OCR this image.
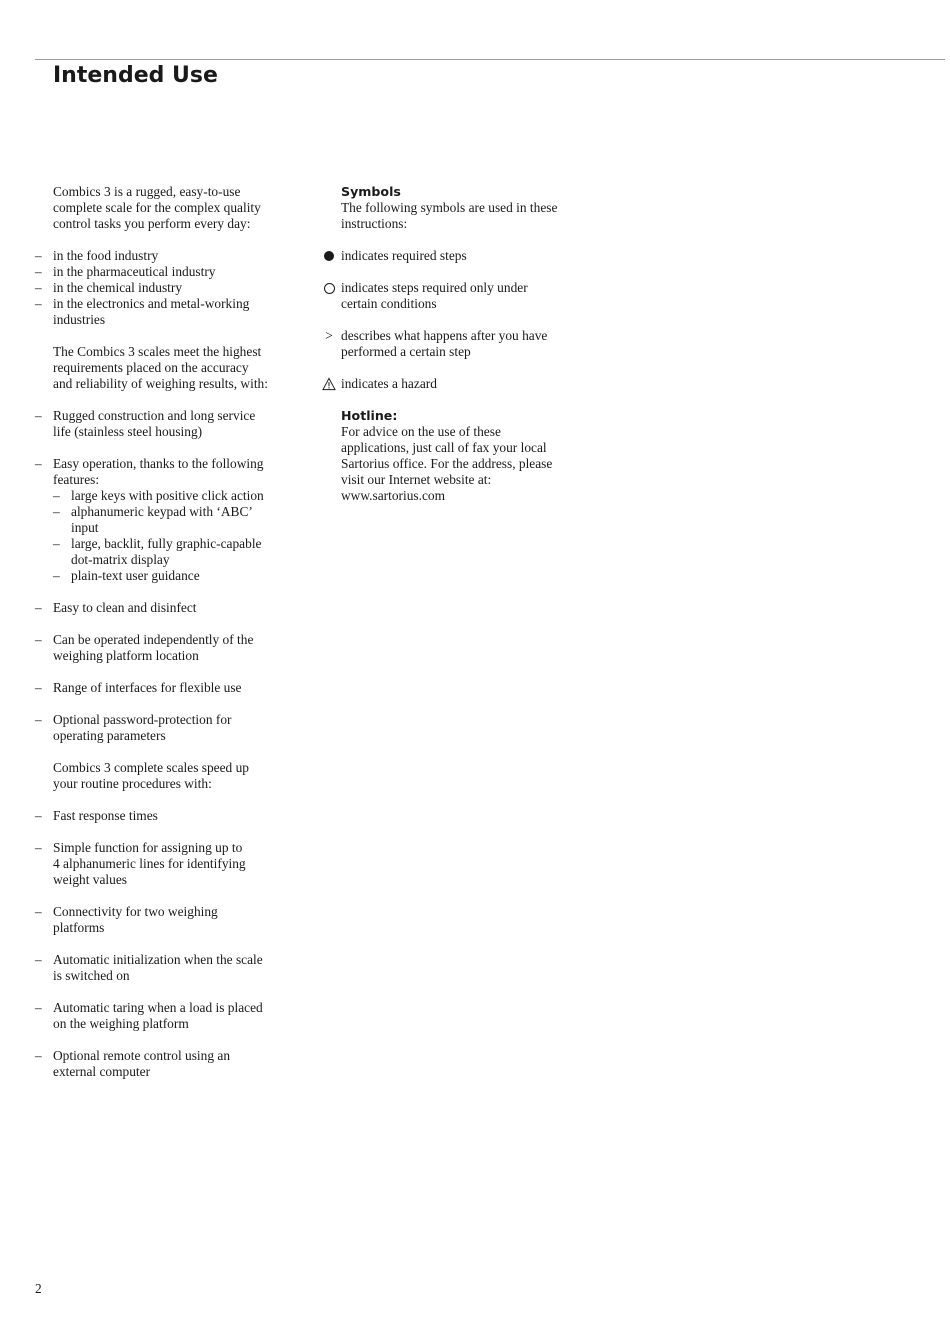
Intended Use

Combics 3 is a rugged, easy-to-use
complete scale for the complex quality
control tasks you perform every day:

– in the food industry

– in the pharmaceutical industry

– in the chemical industry

– in the electronics and metal-working
industries

The Combics 3 scales meet the highest
requirements placed on the accuracy
and reliability of weighing results, with:

– Rugged construction and long service
life (stainless steel housing)

– Easy operation, thanks to the following
features:

– large keys with positive click action

– alphanumeric keypad with ‘ABC’
input

– large, backlit, fully graphic-capable
dot-matrix display

– plain-text user guidance

– Easy to clean and disinfect

– Can be operated independently of the
weighing platform location

– Range of interfaces for flexible use

– Optional password-protection for
operating parameters

Combics 3 complete scales speed up
your routine procedures with:

– Fast response times

– Simple function for assigning up to
4 alphanumeric lines for identifying
weight values

– Connectivity for two weighing
platforms

– Automatic initialization when the scale
is switched on

– Automatic taring when a load is placed
on the weighing platform

– Optional remote control using an
external computer

Symbols

The following symbols are used in these
instructions:

indicates required steps

indicates steps required only under
certain conditions

> describes what happens after you have
performed a certain step

indicates a hazard

Hotline:

For advice on the use of these
applications, just call of fax your local
Sartorius office. For the address, please
visit our Internet website at:
www.sartorius.com

2
